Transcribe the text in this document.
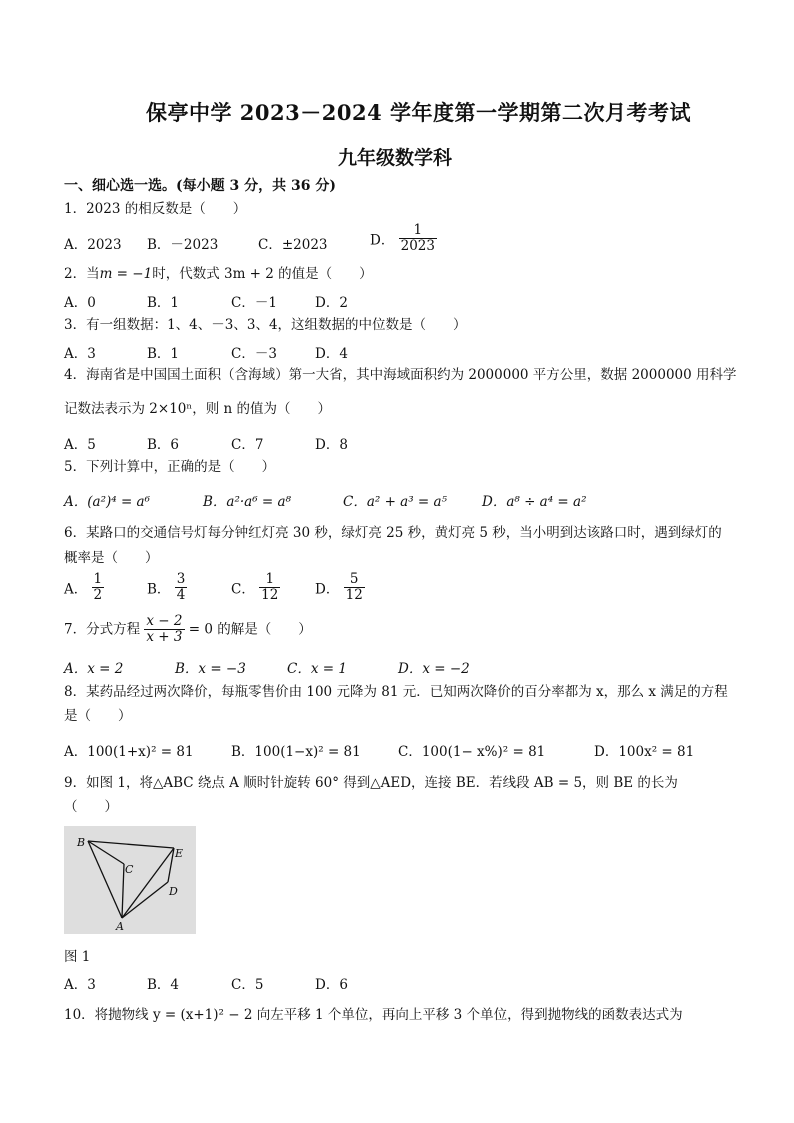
保亭中学 2023－2024 学年度第一学期第二次月考考试
九年级数学科
一、细心选一选。(每小题 3 分，共 36 分)
1．2023 的相反数是（　　）
A．2023 B．－2023	C．±2023	D． $\frac{1}{2023}$
2．当m = −1时，代数式 3m + 2 的值是（　　）
A．0	B．1	C．－1	D．2
3．有一组数据：1、4、－3、3、4，这组数据的中位数是（　　）
A．3	B．1	C．－3	D．4
4．海南省是中国国土面积（含海域）第一大省，其中海域面积约为 2000000 平方公里，数据 2000000 用科学
记数法表示为 2×10ⁿ，则 n 的值为（　　）
A．5	B．6	C．7	D．8
5．下列计算中，正确的是（　　）
A．(a²)⁴ = a⁶	B．a²·a⁶ = a⁸	C．a² + a³ = a⁵	D．a⁸ ÷ a⁴ = a²
6．某路口的交通信号灯每分钟红灯亮 30 秒，绿灯亮 25 秒，黄灯亮 5 秒，当小明到达该路口时，遇到绿灯的
概率是（　　）
A． $\frac{1}{2}$	B． $\frac{3}{4}$	C． $\frac{1}{12}$	D． $\frac{5}{12}$
7．分式方程 $\frac{x - 2}{x + 3} = 0$ 的解是（　　）
A．x = 2	B．x = −3	C．x = 1	D．x = −2
8．某药品经过两次降价，每瓶零售价由 100 元降为 81 元．已知两次降价的百分率都为 x，那么 x 满足的方程
是（　　）
A．100(1+x)² = 81	B．100(1−x)² = 81	C．100(1− x%)² = 81	D．100x² = 81
9．如图 1，将△ABC 绕点 A 顺时针旋转 60° 得到△AED，连接 BE．若线段 AB = 5，则 BE 的长为
（　　）
B
C
E
D
A
图 1
A．3	B．4	C．5	D．6
10．将抛物线 y = (x+1)² − 2 向左平移 1 个单位，再向上平移 3 个单位，得到抛物线的函数表达式为
